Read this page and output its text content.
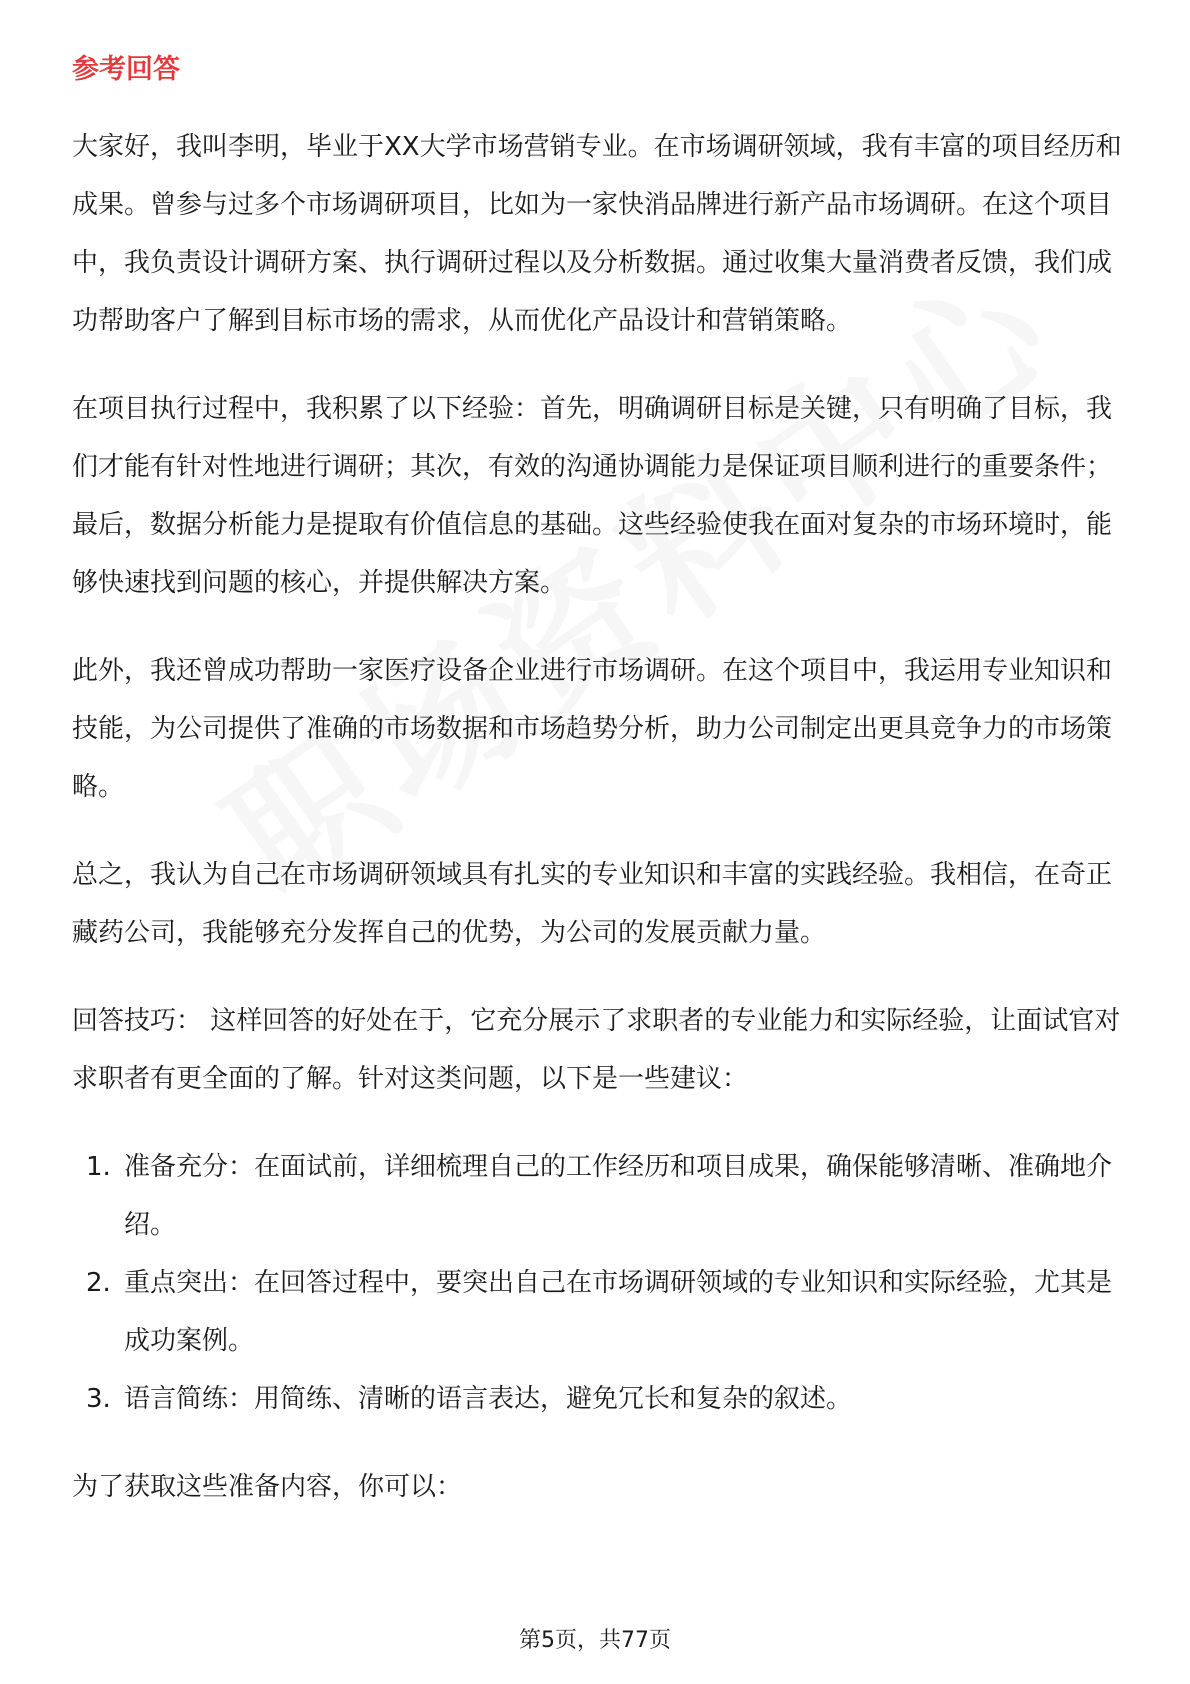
参考回答

大家好，我叫李明，毕业于XX大学市场营销专业。在市场调研领域，我有丰富的项目经历和成果。曾参与过多个市场调研项目，比如为一家快消品牌进行新产品市场调研。在这个项目中，我负责设计调研方案、执行调研过程以及分析数据。通过收集大量消费者反馈，我们成功帮助客户了解到目标市场的需求，从而优化产品设计和营销策略。

在项目执行过程中，我积累了以下经验：首先，明确调研目标是关键，只有明确了目标，我们才能有针对性地进行调研；其次，有效的沟通协调能力是保证项目顺利进行的重要条件；最后，数据分析能力是提取有价值信息的基础。这些经验使我在面对复杂的市场环境时，能够快速找到问题的核心，并提供解决方案。

此外，我还曾成功帮助一家医疗设备企业进行市场调研。在这个项目中，我运用专业知识和技能，为公司提供了准确的市场数据和市场趋势分析，助力公司制定出更具竞争力的市场策略。

总之，我认为自己在市场调研领域具有扎实的专业知识和丰富的实践经验。我相信，在奇正藏药公司，我能够充分发挥自己的优势，为公司的发展贡献力量。

回答技巧： 这样回答的好处在于，它充分展示了求职者的专业能力和实际经验，让面试官对求职者有更全面的了解。针对这类问题，以下是一些建议：

1. 准备充分：在面试前，详细梳理自己的工作经历和项目成果，确保能够清晰、准确地介绍。
2. 重点突出：在回答过程中，要突出自己在市场调研领域的专业知识和实际经验，尤其是成功案例。
3. 语言简练：用简练、清晰的语言表达，避免冗长和复杂的叙述。

为了获取这些准备内容，你可以：

第5页，共77页
